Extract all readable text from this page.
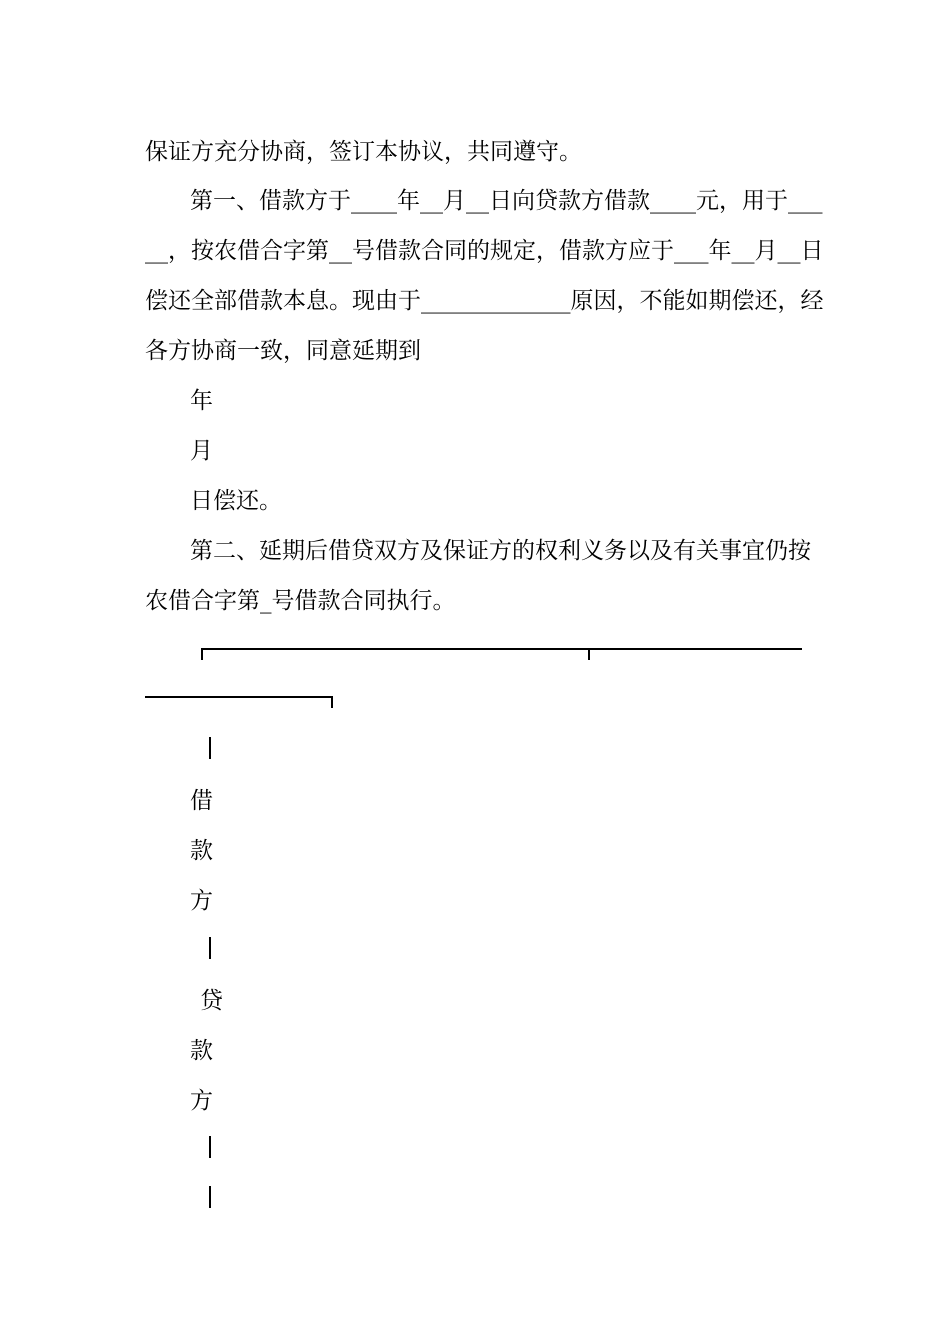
保证方充分协商，签订本协议，共同遵守。

第一、借款方于____年__月__日向贷款方借款____元，用于___

__，按农借合字第__号借款合同的规定，借款方应于___年__月__日

偿还全部借款本息。现由于_____________原因，不能如期偿还，经

各方协商一致，同意延期到

年

月

日偿还。

第二、延期后借贷双方及保证方的权利义务以及有关事宜仍按

农借合字第_号借款合同执行。

借

款

方

贷

款

方
